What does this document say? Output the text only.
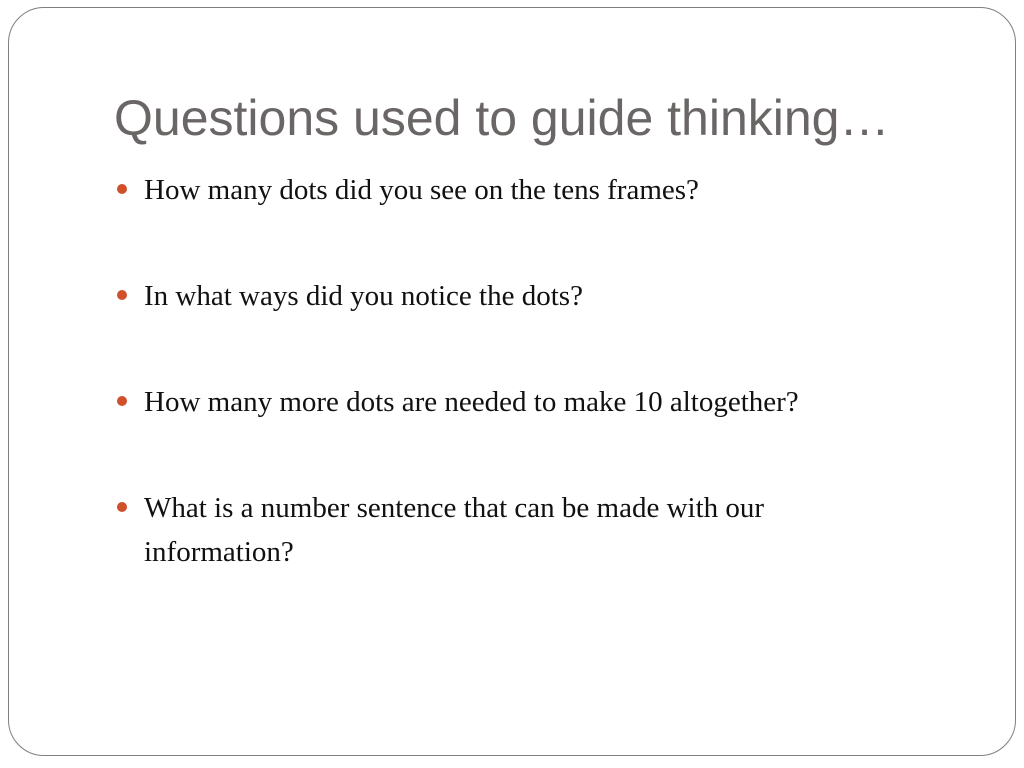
Questions used to guide thinking…
How many dots did you see on the tens frames?
In what ways did you notice the dots?
How many more dots are needed to make 10 altogether?
What is a number sentence that can be made with our information?
